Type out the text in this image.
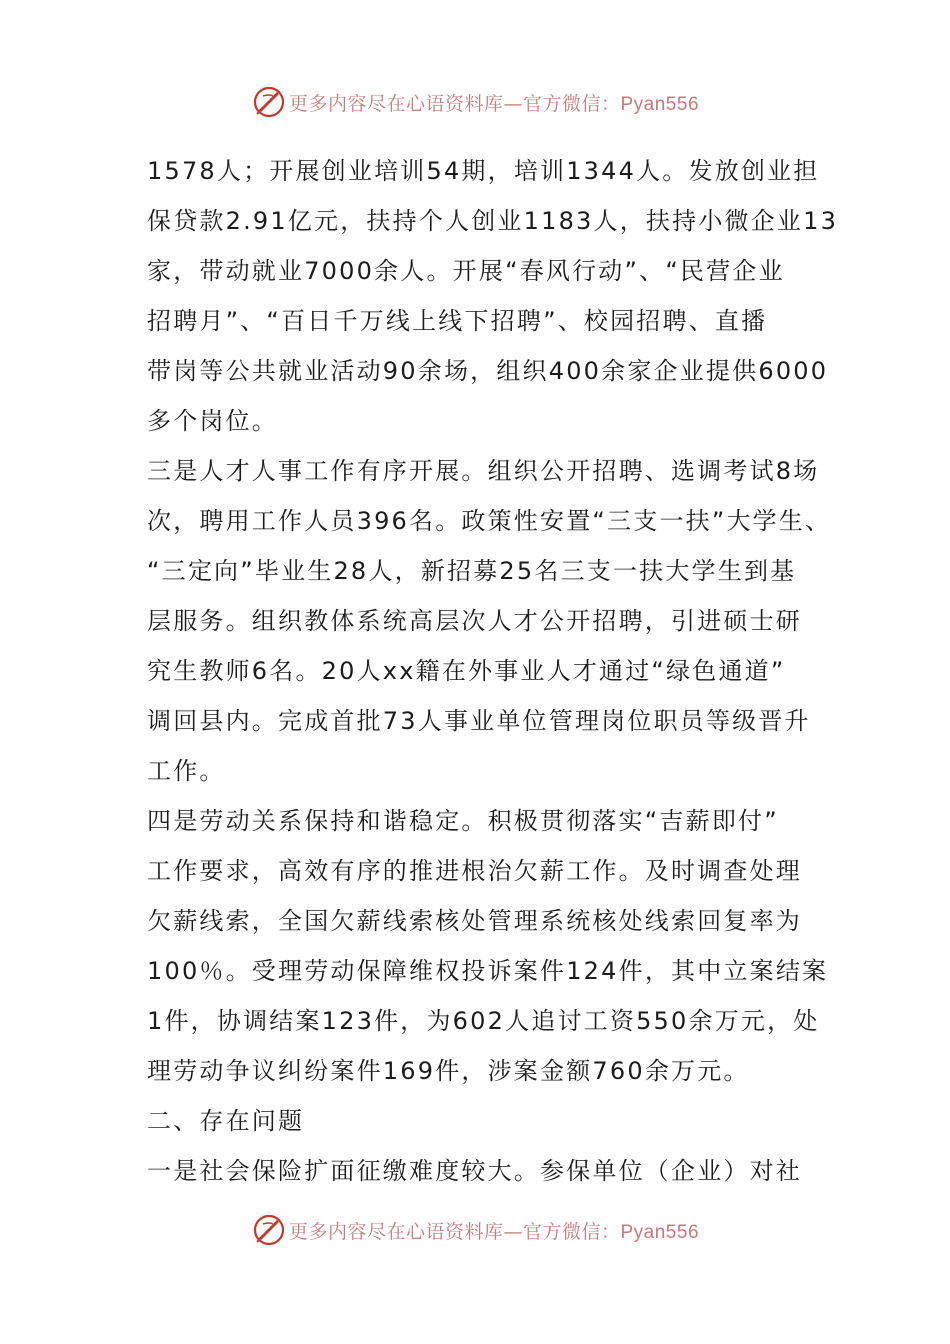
更多内容尽在心语资料库—官方微信：Pyan556
1578人；开展创业培训54期，培训1344人。发放创业担
保贷款2.91亿元，扶持个人创业1183人，扶持小微企业13
家，带动就业7000余人。开展“春风行动”、“民营企业
招聘月”、“百日千万线上线下招聘”、校园招聘、直播
带岗等公共就业活动90余场，组织400余家企业提供6000
多个岗位。
三是人才人事工作有序开展。组织公开招聘、选调考试8场
次，聘用工作人员396名。政策性安置“三支一扶”大学生、
“三定向”毕业生28人，新招募25名三支一扶大学生到基
层服务。组织教体系统高层次人才公开招聘，引进硕士研
究生教师6名。20人xx籍在外事业人才通过“绿色通道”
调回县内。完成首批73人事业单位管理岗位职员等级晋升
工作。
四是劳动关系保持和谐稳定。积极贯彻落实“吉薪即付”
工作要求，高效有序的推进根治欠薪工作。及时调查处理
欠薪线索，全国欠薪线索核处管理系统核处线索回复率为
100％。受理劳动保障维权投诉案件124件，其中立案结案
1件，协调结案123件，为602人追讨工资550余万元，处
理劳动争议纠纷案件169件，涉案金额760余万元。
二、存在问题
一是社会保险扩面征缴难度较大。参保单位（企业）对社
更多内容尽在心语资料库—官方微信：Pyan556
